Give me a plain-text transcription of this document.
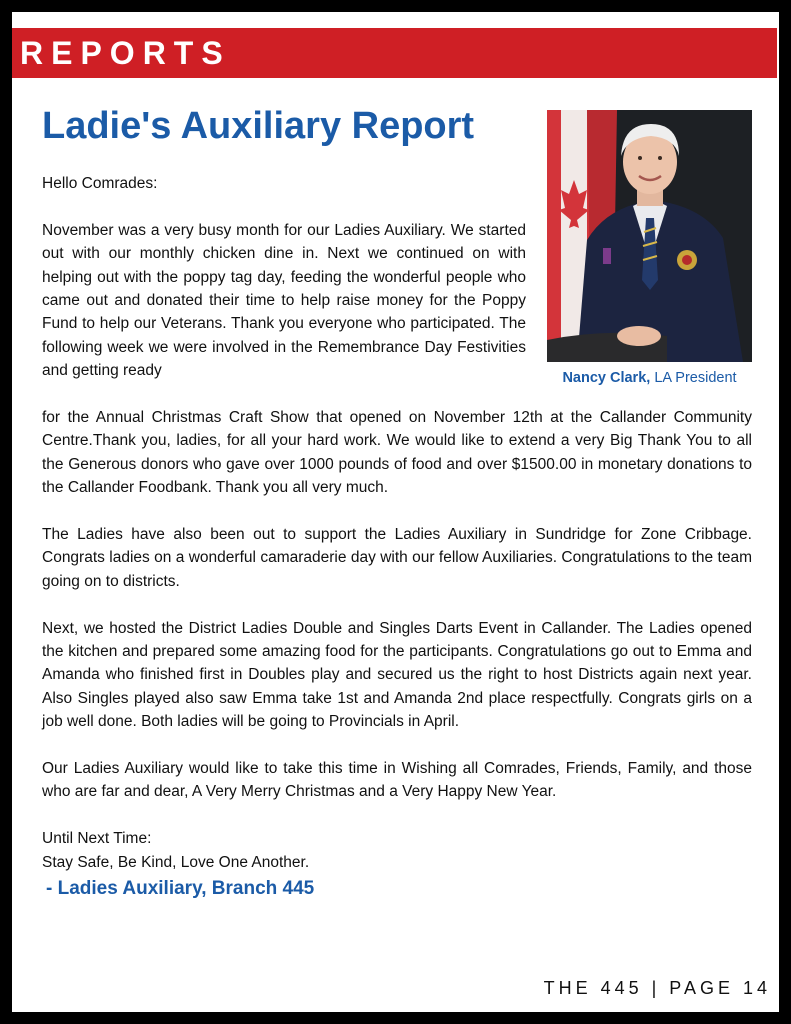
REPORTS
Ladie's Auxiliary Report
Nancy Clark, LA President

Hello Comrades:

November was a very busy month for our Ladies Auxiliary. We started out with our monthly chicken dine in. Next we continued on with helping out with the poppy tag day, feeding the wonderful people who came out and donated their time to help raise money for the Poppy Fund to help our Veterans. Thank you everyone who participated. The following week we were involved in the Remembrance Day Festivities and getting ready

for the Annual Christmas Craft Show that opened on November 12th at the Callander Community Centre.Thank you, ladies, for all your hard work. We would like to extend a very Big Thank You to all the Generous donors who gave over 1000 pounds of food and over $1500.00 in monetary donations to the Callander Foodbank. Thank you all very much.

The Ladies have also been out to support the Ladies Auxiliary in Sundridge for Zone Cribbage. Congrats ladies on a wonderful camaraderie day with our fellow Auxiliaries. Congratulations to the team going on to districts.

Next, we hosted the District Ladies Double and Singles Darts Event in Callander. The Ladies opened the kitchen and prepared some amazing food for the participants. Congratulations go out to Emma and Amanda who finished first in Doubles play and secured us the right to host Districts again next year. Also Singles played also saw Emma take 1st and Amanda 2nd place respectfully. Congrats girls on a job well done. Both ladies will be going to Provincials in April.

Our Ladies Auxiliary would like to take this time in Wishing all Comrades, Friends, Family, and those who are far and dear, A Very Merry Christmas and a Very Happy New Year.

Until Next Time:

Stay Safe, Be Kind, Love One Another.

- Ladies Auxiliary, Branch 445
THE 445 | PAGE 14
